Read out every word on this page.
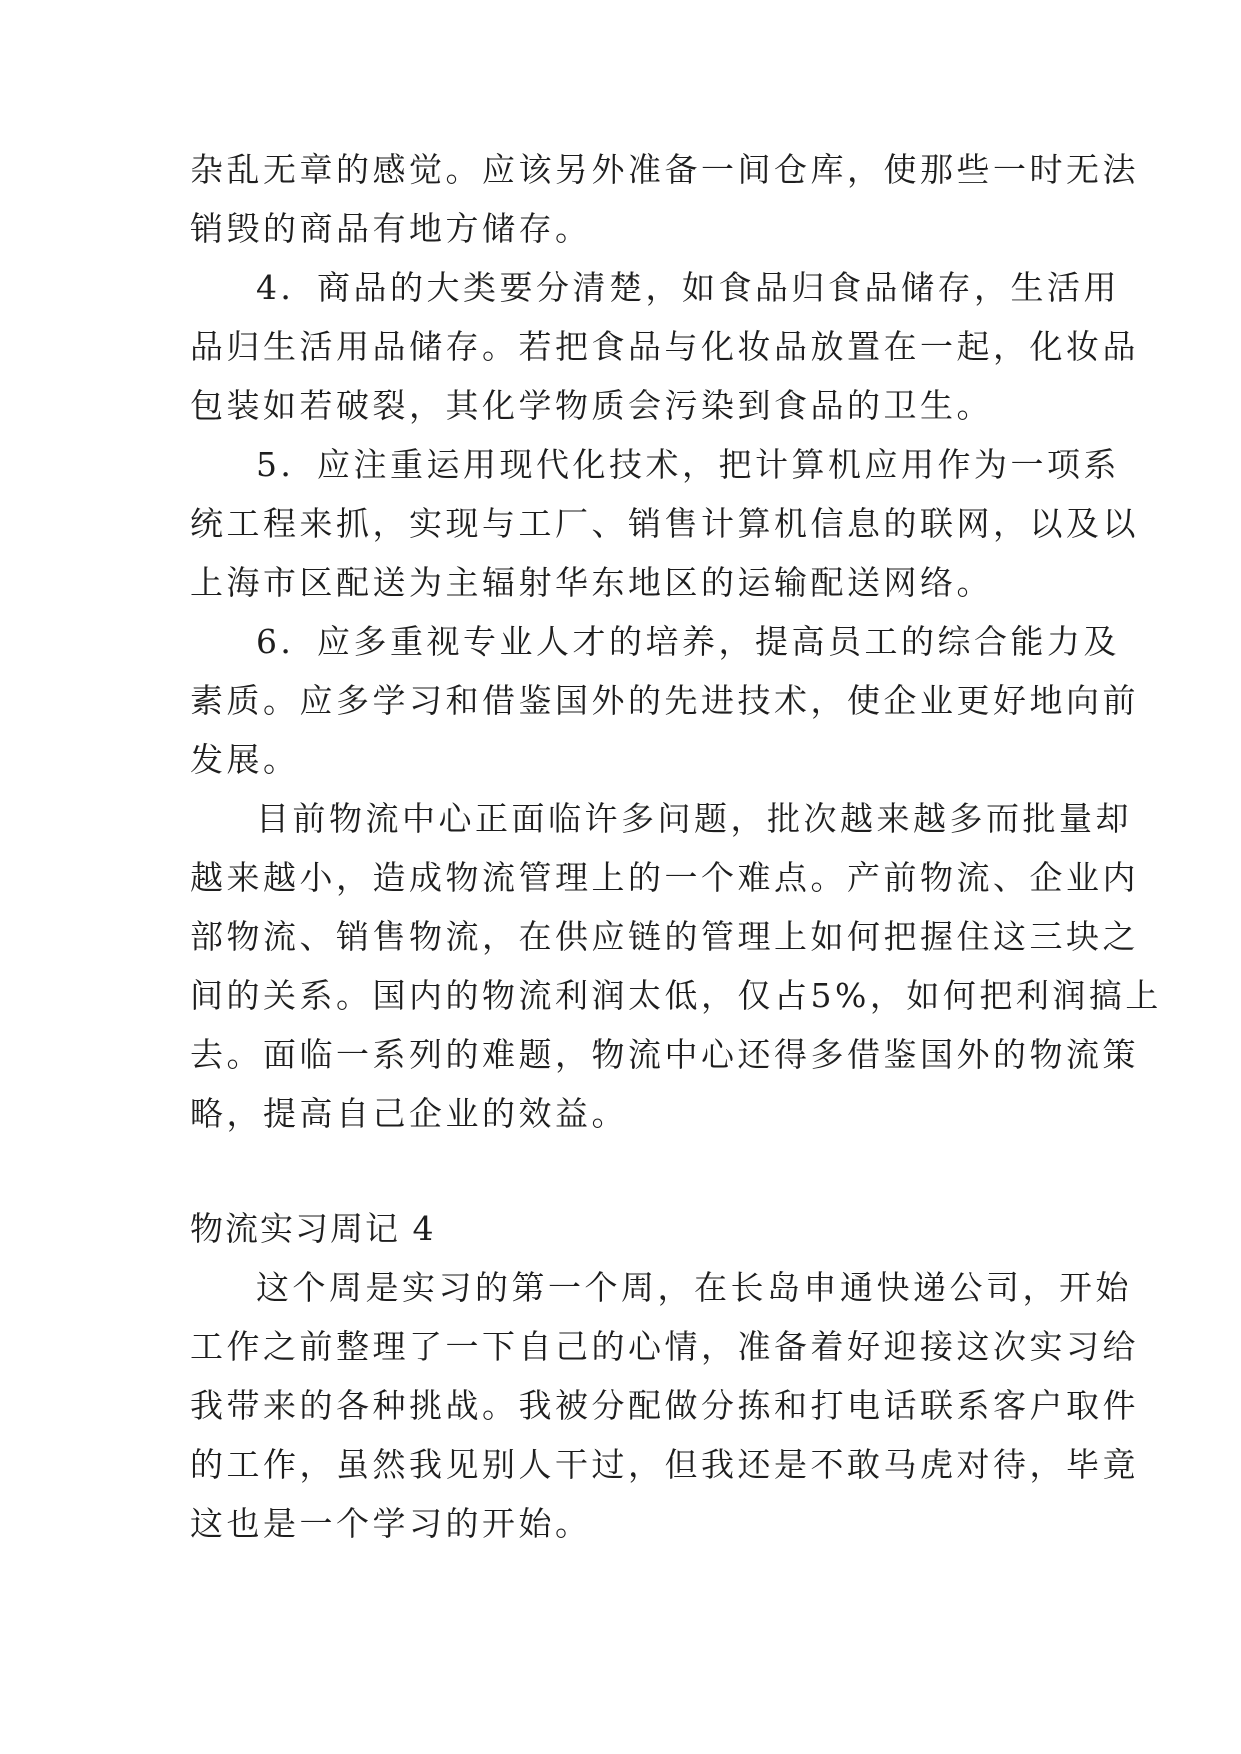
杂乱无章的感觉。应该另外准备一间仓库，使那些一时无法
销毁的商品有地方储存。
4．商品的大类要分清楚，如食品归食品储存，生活用
品归生活用品储存。若把食品与化妆品放置在一起，化妆品
包装如若破裂，其化学物质会污染到食品的卫生。
5．应注重运用现代化技术，把计算机应用作为一项系
统工程来抓，实现与工厂、销售计算机信息的联网，以及以
上海市区配送为主辐射华东地区的运输配送网络。
6．应多重视专业人才的培养，提高员工的综合能力及
素质。应多学习和借鉴国外的先进技术，使企业更好地向前
发展。
目前物流中心正面临许多问题，批次越来越多而批量却
越来越小，造成物流管理上的一个难点。产前物流、企业内
部物流、销售物流，在供应链的管理上如何把握住这三块之
间的关系。国内的物流利润太低，仅占5%，如何把利润搞上
去。面临一系列的难题，物流中心还得多借鉴国外的物流策
略，提高自己企业的效益。
物流实习周记 4
这个周是实习的第一个周，在长岛申通快递公司，开始
工作之前整理了一下自己的心情，准备着好迎接这次实习给
我带来的各种挑战。我被分配做分拣和打电话联系客户取件
的工作，虽然我见别人干过，但我还是不敢马虎对待，毕竟
这也是一个学习的开始。
